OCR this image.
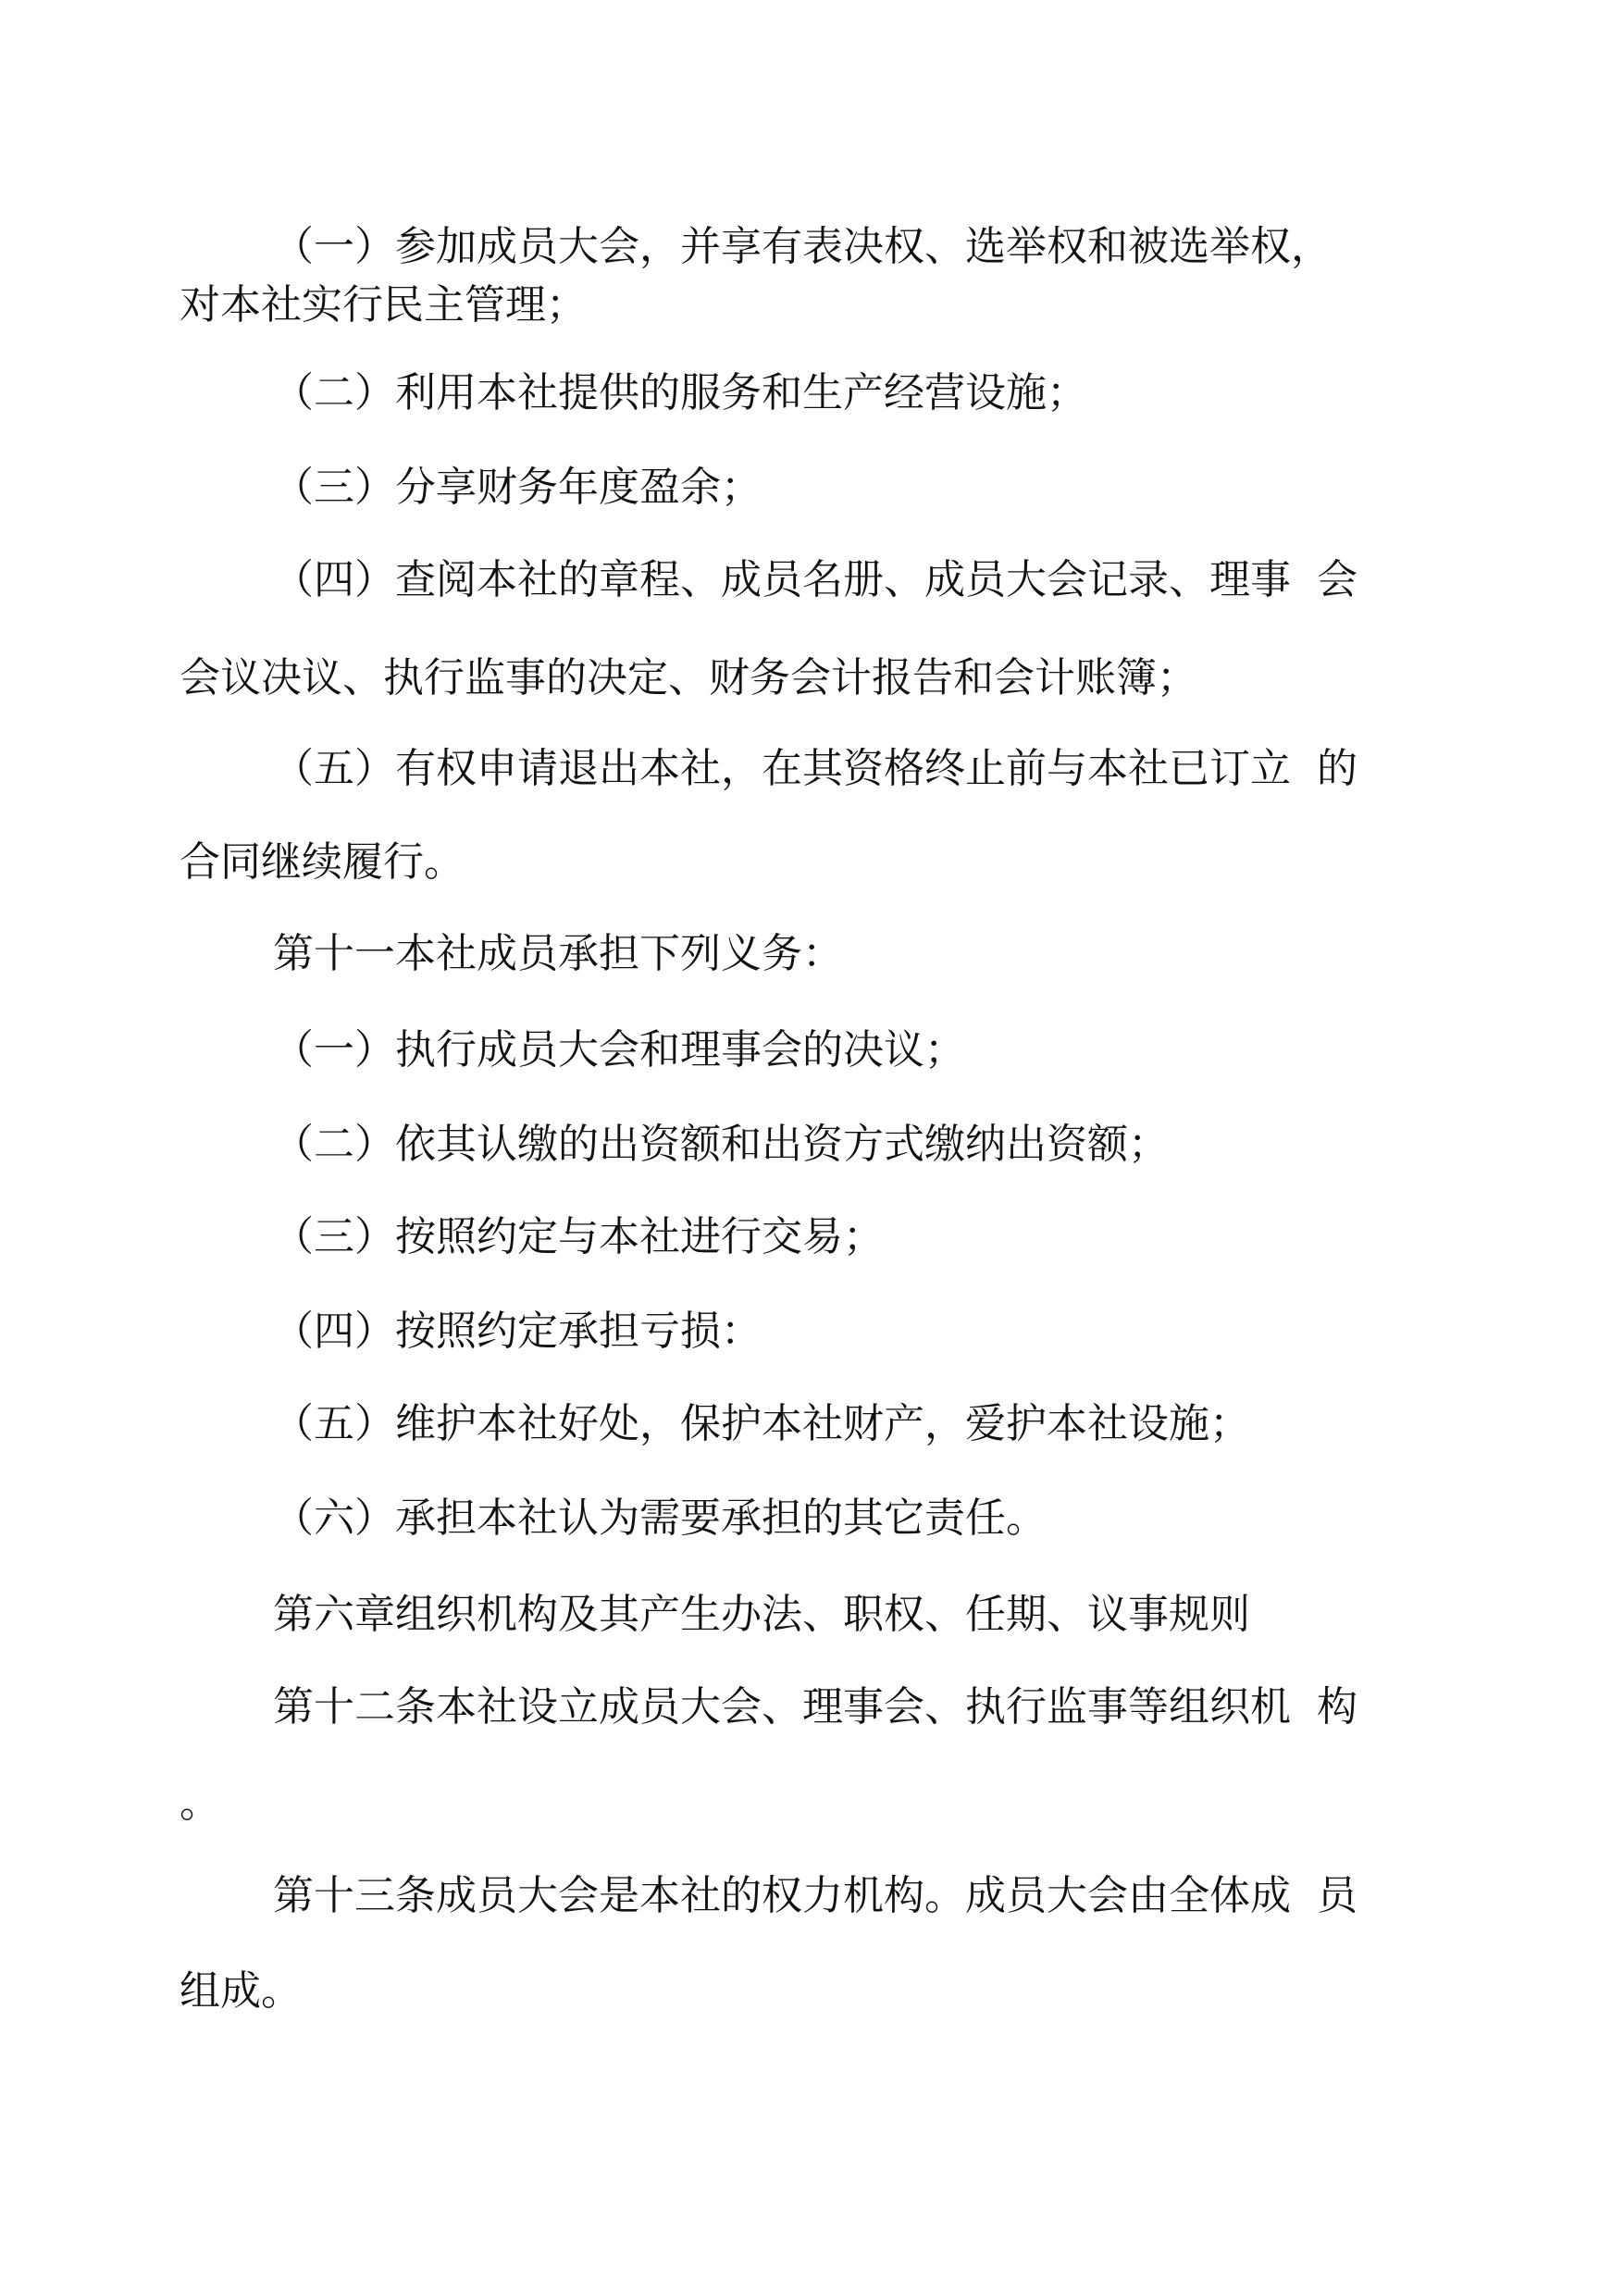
（一）参加成员大会，并享有表决权、选举权和被选举权，

对本社实行民主管理；

（二）利用本社提供的服务和生产经营设施；

（三）分享财务年度盈余；

（四）查阅本社的章程、成员名册、成员大会记录、理事  会

会议决议、执行监事的决定、财务会计报告和会计账簿；

（五）有权申请退出本社，在其资格终止前与本社已订立  的

合同继续履行。

第十一本社成员承担下列义务：

（一）执行成员大会和理事会的决议；

（二）依其认缴的出资额和出资方式缴纳出资额；

（三）按照约定与本社进行交易；

（四）按照约定承担亏损：

（五）维护本社好处，保护本社财产，爱护本社设施；

（六）承担本社认为需要承担的其它责任。

第六章组织机构及其产生办法、职权、任期、议事规则

第十二条本社设立成员大会、理事会、执行监事等组织机  构

。

第十三条成员大会是本社的权力机构。成员大会由全体成  员

组成。
